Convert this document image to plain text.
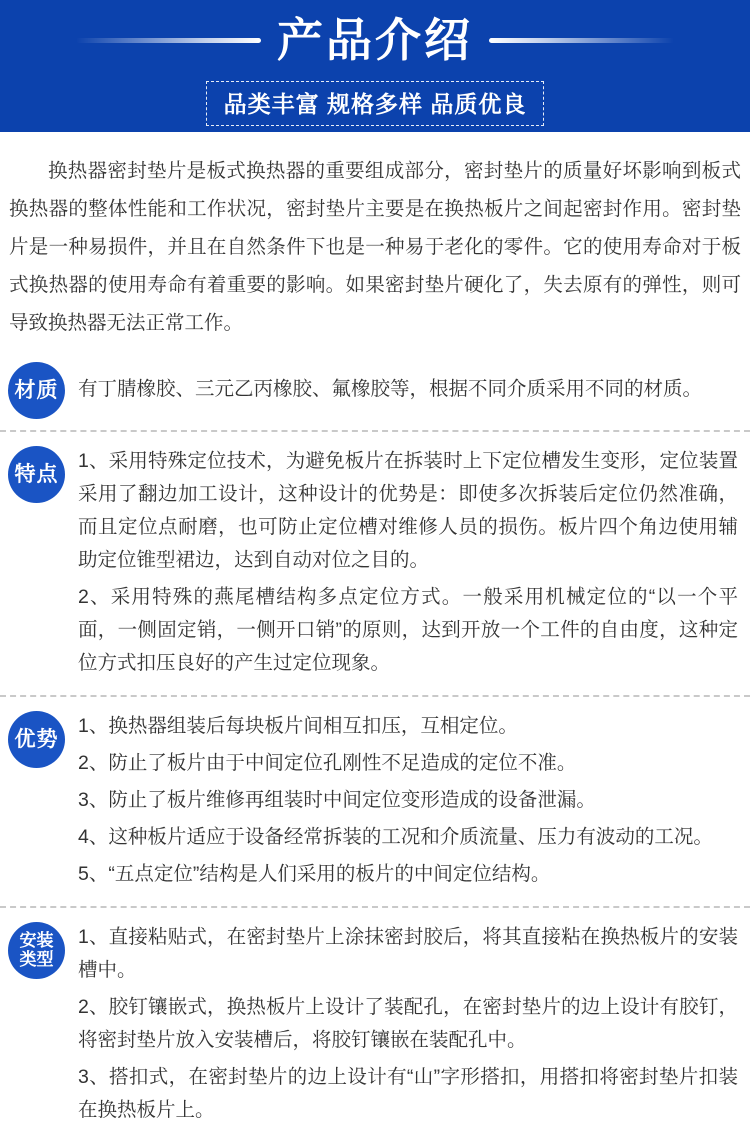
产品介绍
品类丰富 规格多样 品质优良

换热器密封垫片是板式换热器的重要组成部分，密封垫片的质量好坏影响到板式换热器的整体性能和工作状况，密封垫片主要是在换热板片之间起密封作用。密封垫片是一种易损件，并且在自然条件下也是一种易于老化的零件。它的使用寿命对于板式换热器的使用寿命有着重要的影响。如果密封垫片硬化了，失去原有的弹性，则可导致换热器无法正常工作。

材质 有丁腈橡胶、三元乙丙橡胶、氟橡胶等，根据不同介质采用不同的材质。

特点

1、采用特殊定位技术，为避免板片在拆装时上下定位槽发生变形，定位装置采用了翻边加工设计，这种设计的优势是：即使多次拆装后定位仍然准确，而且定位点耐磨，也可防止定位槽对维修人员的损伤。板片四个角边使用辅助定位锥型裙边，达到自动对位之目的。

2、采用特殊的燕尾槽结构多点定位方式。一般采用机械定位的“以一个平面，一侧固定销，一侧开口销”的原则，达到开放一个工件的自由度，这种定位方式扣压良好的产生过定位现象。

优势

1、换热器组装后每块板片间相互扣压，互相定位。

2、防止了板片由于中间定位孔刚性不足造成的定位不准。

3、防止了板片维修再组装时中间定位变形造成的设备泄漏。

4、这种板片适应于设备经常拆装的工况和介质流量、压力有波动的工况。

5、“五点定位”结构是人们采用的板片的中间定位结构。

安装
类型

1、直接粘贴式，在密封垫片上涂抹密封胶后，将其直接粘在换热板片的安装槽中。

2、胶钉镶嵌式，换热板片上设计了装配孔，在密封垫片的边上设计有胶钉，将密封垫片放入安装槽后，将胶钉镶嵌在装配孔中。

3、搭扣式，在密封垫片的边上设计有“山”字形搭扣，用搭扣将密封垫片扣装在换热板片上。
